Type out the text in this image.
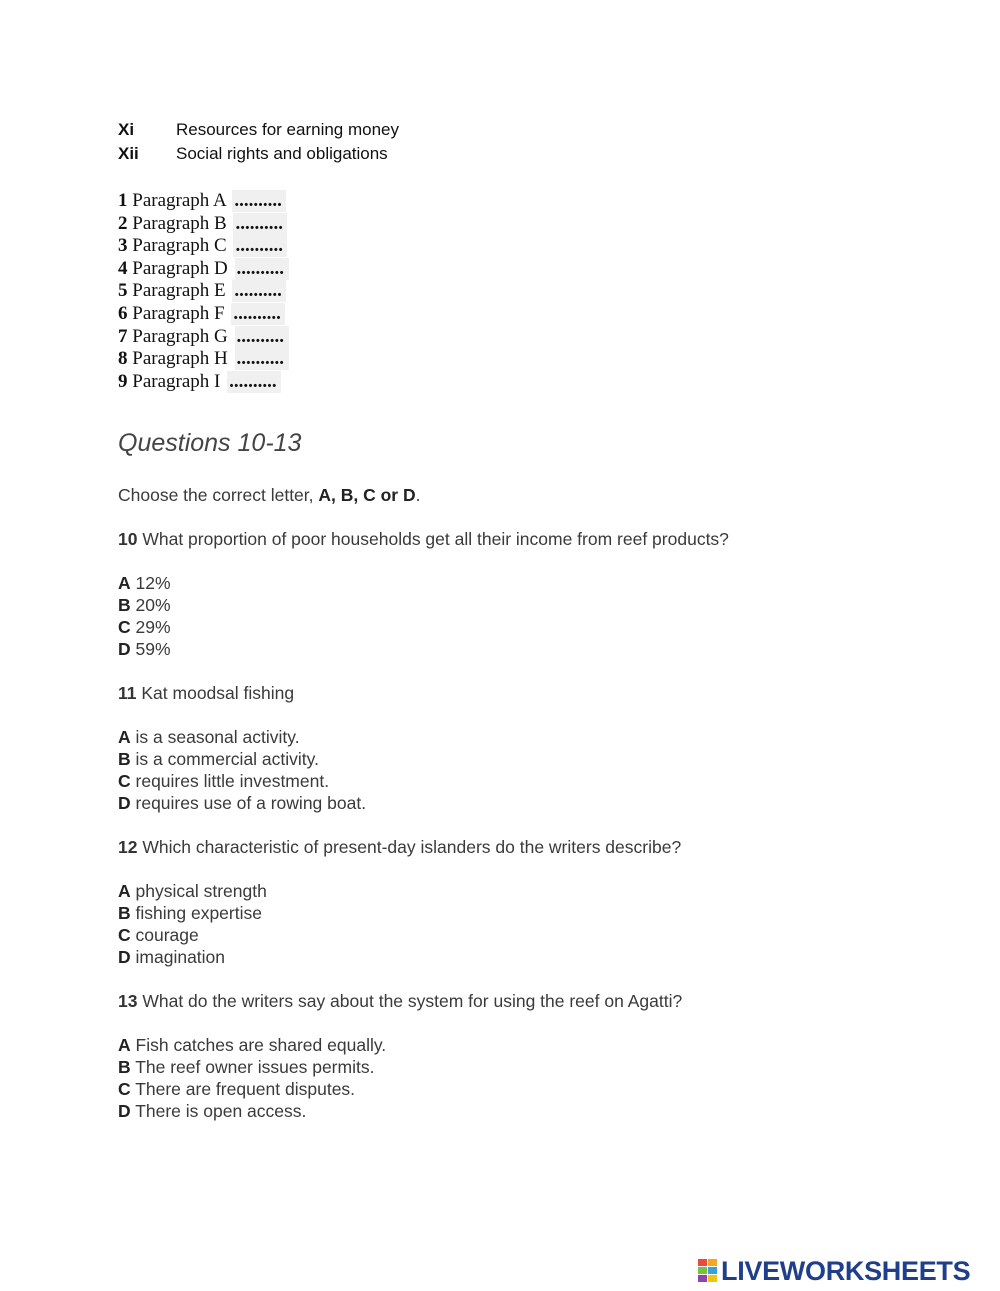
Xi Resources for earning money
Xii Social rights and obligations
1 Paragraph A ..........
2 Paragraph B ..........
3 Paragraph C ..........
4 Paragraph D ..........
5 Paragraph E ..........
6 Paragraph F ..........
7 Paragraph G ..........
8 Paragraph H ..........
9 Paragraph I ..........
Questions 10-13
Choose the correct letter, A, B, C or D.
10 What proportion of poor households get all their income from reef products?
A 12%
B 20%
C 29%
D 59%
11 Kat moodsal fishing
A is a seasonal activity.
B is a commercial activity.
C requires little investment.
D requires use of a rowing boat.
12 Which characteristic of present-day islanders do the writers describe?
A physical strength
B fishing expertise
C courage
D imagination
13 What do the writers say about the system for using the reef on Agatti?
A Fish catches are shared equally.
B The reef owner issues permits.
C There are frequent disputes.
D There is open access.
LIVEWORKSHEETS
